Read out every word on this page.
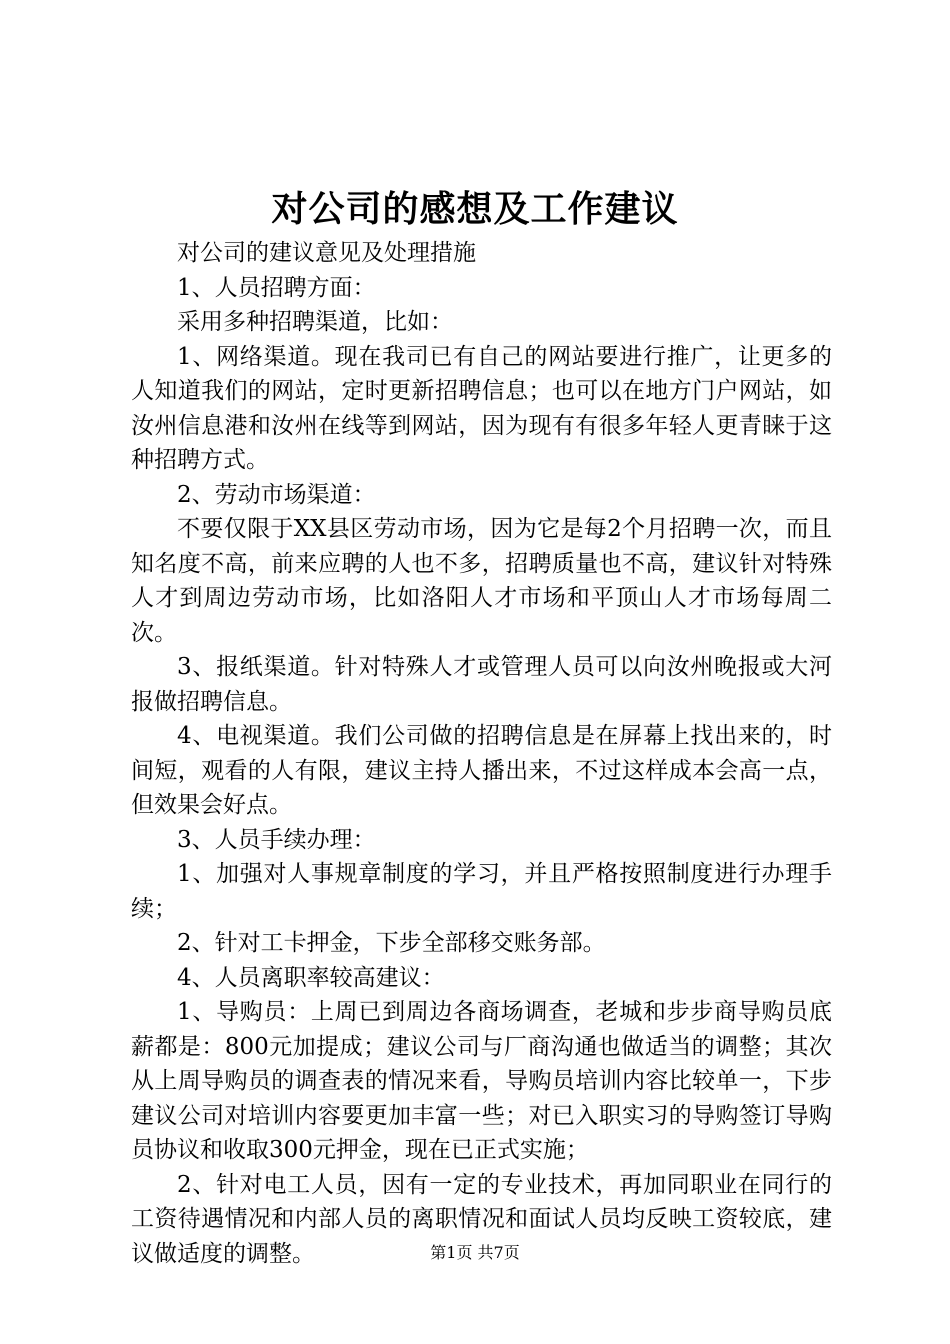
对公司的感想及工作建议

对公司的建议意见及处理措施

1、人员招聘方面：

采用多种招聘渠道，比如：

1、网络渠道。现在我司已有自己的网站要进行推广，让更多的人知道我们的网站，定时更新招聘信息；也可以在地方门户网站，如汝州信息港和汝州在线等到网站，因为现有有很多年轻人更青睐于这种招聘方式。

2、劳动市场渠道：

不要仅限于XX县区劳动市场，因为它是每2个月招聘一次，而且知名度不高，前来应聘的人也不多，招聘质量也不高，建议针对特殊人才到周边劳动市场，比如洛阳人才市场和平顶山人才市场每周二次。

3、报纸渠道。针对特殊人才或管理人员可以向汝州晚报或大河报做招聘信息。

4、电视渠道。我们公司做的招聘信息是在屏幕上找出来的，时间短，观看的人有限，建议主持人播出来，不过这样成本会高一点，但效果会好点。

3、人员手续办理：

1、加强对人事规章制度的学习，并且严格按照制度进行办理手续；

2、针对工卡押金，下步全部移交账务部。

4、人员离职率较高建议：

1、导购员：上周已到周边各商场调查，老城和步步商导购员底薪都是：800元加提成；建议公司与厂商沟通也做适当的调整；其次从上周导购员的调查表的情况来看，导购员培训内容比较单一，下步建议公司对培训内容要更加丰富一些；对已入职实习的导购签订导购员协议和收取300元押金，现在已正式实施；

2、针对电工人员，因有一定的专业技术，再加同职业在同行的工资待遇情况和内部人员的离职情况和面试人员均反映工资较底，建议做适度的调整。	第1页 共7页
